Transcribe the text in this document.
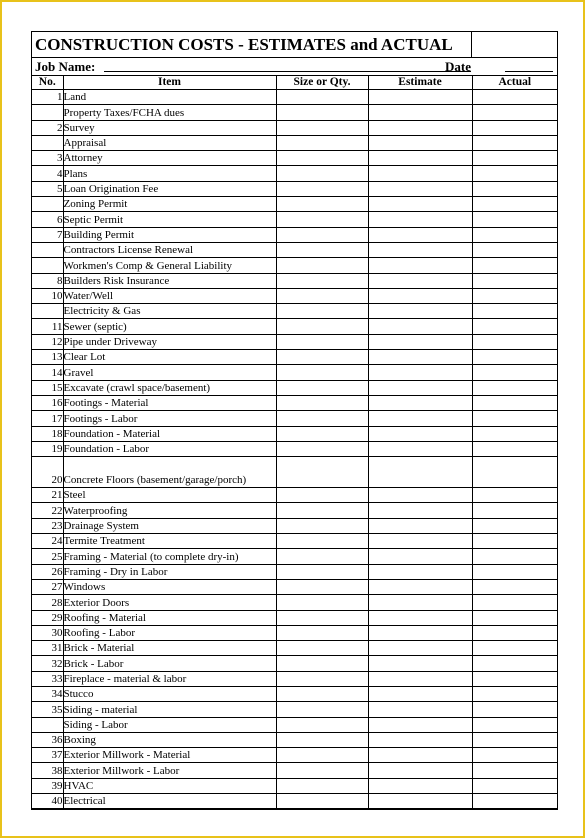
CONSTRUCTION COSTS - ESTIMATES and ACTUAL
Job Name:	Date
No.	Item	Size or Qty.	Estimate	Actual
1	Land			
	Property Taxes/FCHA dues			
2	Survey			
	Appraisal			
3	Attorney			
4	Plans			
5	Loan Origination Fee			
	Zoning Permit			
6	Septic Permit			
7	Building Permit			
	Contractors License Renewal			
	Workmen's Comp & General Liability			
8	Builders Risk Insurance			
10	Water/Well			
	Electricity & Gas			
11	Sewer (septic)			
12	Pipe under Driveway			
13	Clear Lot			
14	Gravel			
15	Excavate (crawl space/basement)			
16	Footings - Material			
17	Footings - Labor			
18	Foundation - Material			
19	Foundation - Labor			
20	Concrete Floors (basement/garage/porch)			
21	Steel			
22	Waterproofing			
23	Drainage System			
24	Termite Treatment			
25	Framing - Material (to complete dry-in)			
26	Framing - Dry in Labor			
27	Windows			
28	Exterior Doors			
29	Roofing - Material			
30	Roofing - Labor			
31	Brick - Material			
32	Brick - Labor			
33	Fireplace - material & labor			
34	Stucco			
35	Siding - material			
	Siding - Labor			
36	Boxing			
37	Exterior Millwork - Material			
38	Exterior Millwork - Labor			
39	HVAC			
40	Electrical			
